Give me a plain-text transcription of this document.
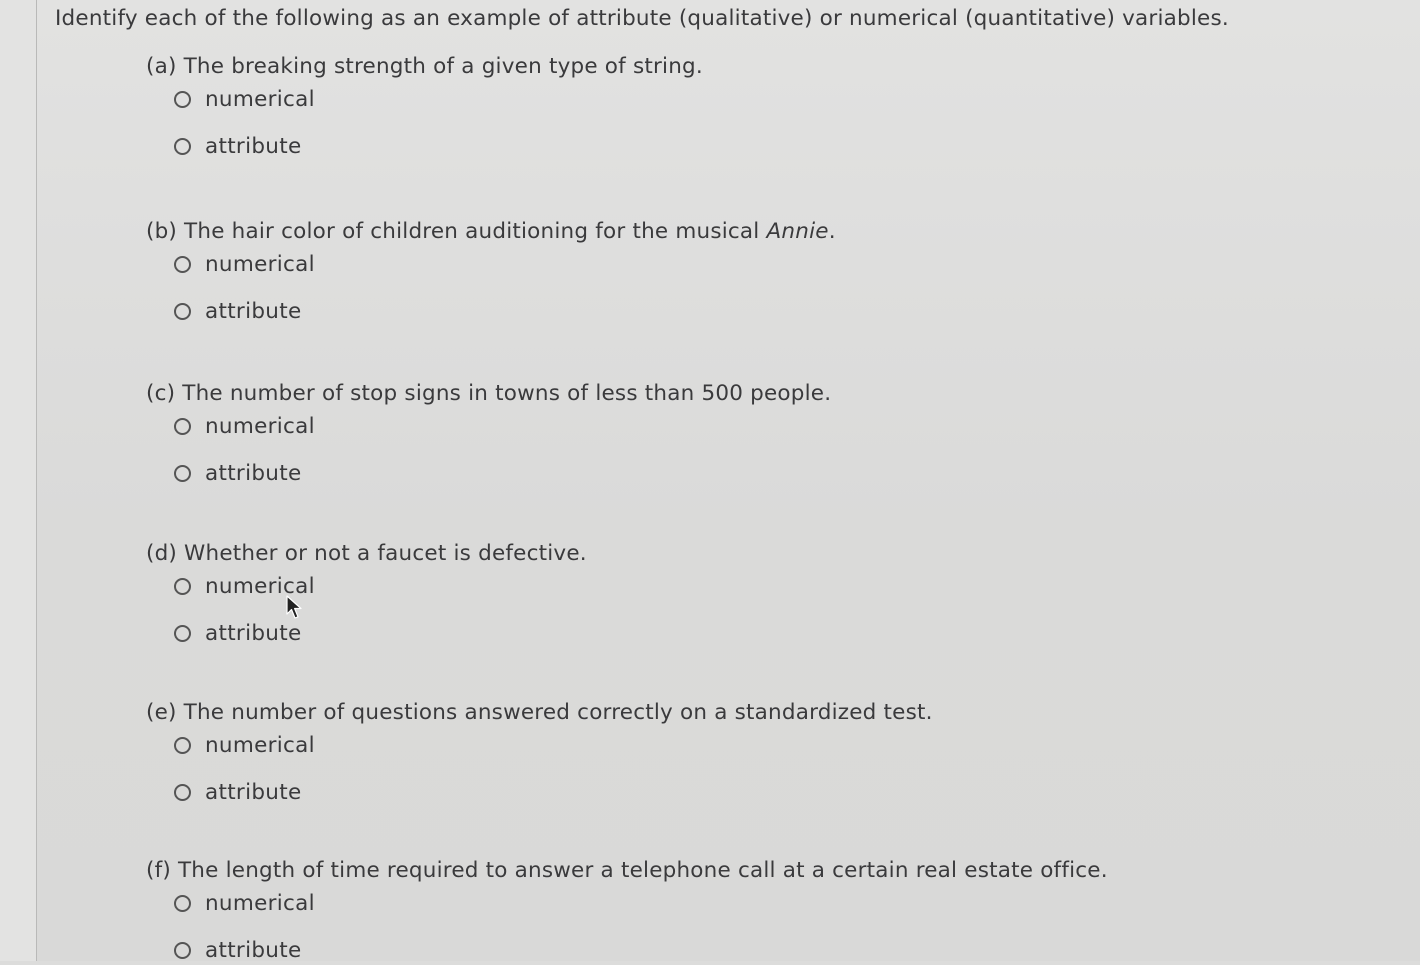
Identify each of the following as an example of attribute (qualitative) or numerical (quantitative) variables.
(a) The breaking strength of a given type of string.
numerical
attribute
(b) The hair color of children auditioning for the musical Annie.
numerical
attribute
(c) The number of stop signs in towns of less than 500 people.
numerical
attribute
(d) Whether or not a faucet is defective.
numerical
attribute
(e) The number of questions answered correctly on a standardized test.
numerical
attribute
(f) The length of time required to answer a telephone call at a certain real estate office.
numerical
attribute
